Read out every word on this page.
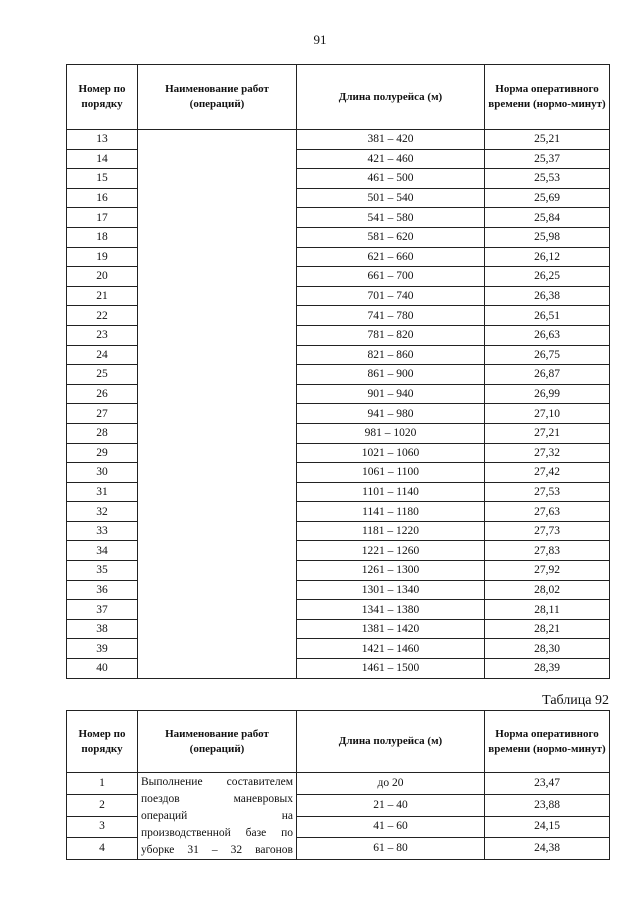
91
Номер по порядку	Наименование работ (операций)	Длина полурейса (м)	Норма оперативного времени (нормо-минут)
13		381 – 420	25,21
14		421 – 460	25,37
15		461 – 500	25,53
16		501 – 540	25,69
17		541 – 580	25,84
18		581 – 620	25,98
19		621 – 660	26,12
20		661 – 700	26,25
21		701 – 740	26,38
22		741 – 780	26,51
23		781 – 820	26,63
24		821 – 860	26,75
25		861 – 900	26,87
26		901 – 940	26,99
27		941 – 980	27,10
28		981 – 1020	27,21
29		1021 – 1060	27,32
30		1061 – 1100	27,42
31		1101 – 1140	27,53
32		1141 – 1180	27,63
33		1181 – 1220	27,73
34		1221 – 1260	27,83
35		1261 – 1300	27,92
36		1301 – 1340	28,02
37		1341 – 1380	28,11
38		1381 – 1420	28,21
39		1421 – 1460	28,30
40		1461 – 1500	28,39
Таблица 92
Номер по порядку	Наименование работ (операций)	Длина полурейса (м)	Норма оперативного времени (нормо-минут)
1	Выполнение составителем
поездов маневровых
операций на
производственной базе по
уборке 31 – 32 вагонов	до 20	23,47
2		21 – 40	23,88
3		41 – 60	24,15
4		61 – 80	24,38
